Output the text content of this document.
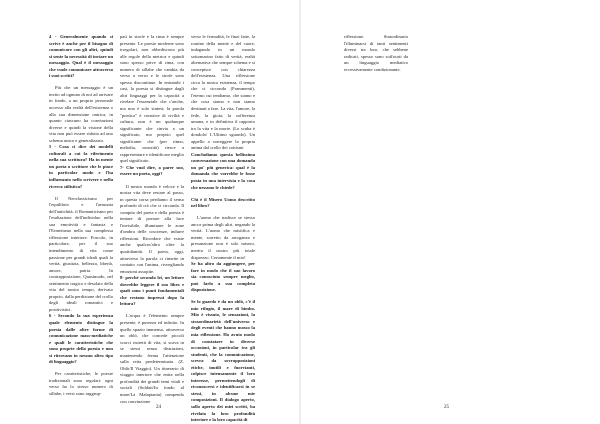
4 - Generalmente quando si scrive è anche per il bisogno di comunicare con gli altri, quindi si sente la necessità di inviare un messaggio. Qual è il messaggio che vuole comunicare attraverso i suoi scritti?

Più che un messaggio è un invito ad ognuno di noi ad arrivare in fondo, a un proprio personale accesso alla realtà dell'esistenza o alla sua dimensione onirica, in quanto ciascuno ha convinzioni diverse e quindi la visione della vita non può essere ridotta ad uno schema unico e generalizzato.

5 - Cosa ci dice dei modelli culturali a cui fa riferimento nella sua scrittura? Ha in mente un poeta o scrittore che le piace in particolar modo e l'ha influenzato nello scrivere e nella ricerca stilistica?

Il Neoclassicismo per l'equilibrio e l'armonia dell'antichità, il Romanticismo per l'esaltazione dell'individuo nella sua emotività e fantasia e l'Ermetismo nella sua complessa riflessione interiore. Foscolo, in particolare, per il suo intendimento di vita come passione per grandi ideali quali la verità, giustizia, bellezza, libertà, amore, patria. In contrapposizione, Quasimodo, nel sentimento tragico e desolato della vita del nostro tempo, derivato proprio, dalla perdizione del crollo degli ideali romantici e positivistici.

6 - Secondo la sua esperienza quale elemento distingue la poesia dalle altre forme di comunicazione mass-mediatiche e quali le caratteristiche che sono proprie della poesia e non si ritrovano in nessun altro tipo di linguaggio?

Per caratteristiche, le poesie tradizionali sono regolari: ogni verso ha lo stesso numero di sillabe, i versi sono raggrup-

pati in strofe e la rima è sempre presente. Le poesie moderne sono irregolari, non obbediscono più alle regole della metrica e quindi sono spesso prive di rima, con numero di sillabe che cambia da verso a verso e le strofe sono spesso discontinue. In entrambi i casi, la poesia si distingue dagli altri linguaggi per la capacità a rivelare l'essenziale che c'anche, ma non è solo sintesi; la parola "poetica" è creatrice di civiltà e cultura, non è un qualunque significante che rinvia a un significato, ma proprio quel significante che (per ritmo, melodia, sonorità) riesce a rappresentare e identificare meglio quel significato.

7- Che vuol dire, a parer suo, essere un poeta, oggi?

Il nostro mondo è veloce e la nostra vita deve restare al passo, in questa corsa perdiamo il senso profondo di ciò che ci circonda. Il compito del poeta e della poesia è tentare di portare alla luce l'invisibile, illuminare le zone d'ombra delle coscienze, indurre riflessioni. Ricordare che esiste anche qualcos'altro oltre la quotidianità. Il poeta, oggi, attraverso la parola ci rimette in contatto con l'anima, risvegliando emozioni assopite.

8- perché secondo lei, un lettore dovrebbe leggere il suo libro e quali sono i punti fondamentali che restano impressi dopo la lettura?

L'acqua è l'elemento sempre presente, è purezza ed infinito. In quello spazio immenso, attraverso un oblò, che concede piccoli scorci ristretti di vita, si scava in se stessi senza distrazioni, mantenendo ferma l'attenzione sulla retta predeterminata. (Z. Oblò/Il Viaggio). Un itinerario di viaggio interiore che entra nella profondità dei grandi temi vitali e sociali (Soldati/In fondo al mare/La Malapianta) rompendo con convinzione

verso le fermalità, le finzi fatte, la routine della mente e del cuore, indagando in un mondo sottomarino fatto di verità, realtà alternativa che sempre schema e si concepisce con chiarezza dell'esistenza. Una riflessione circa la nostra esistenza, il tempo che ci circonda (Frammenti), l'eterno cui tendiamo, che siamo e che cosa siamo e non siamo destinati a fare. La vita, l'amore, la fede, la gioia, la sofferenza umana, e in definitiva il rapporto tra la vita e la morte. (Lo scuba è dondolo/ L'Ultimo sguardo). Un appello a sorreggere la propria anima dal crollo dei cottismi

Concludiamo questa bellissima conversazione con una domanda un po' più generica: qual è la domanda che vorrebbe le fosse posta in una intervista e la cosa che nessuno le chiede?

Chi è il Misero Uomo descritto nel libro?

L'uomo che tradisce se stesso ancor prima degli altri, negando la verità. L'uomo che mistifica e mente, sorretto da arroganza e presunzione non è solo misero, merita il nostro più totale disprezzo. Certamente il mio!

Se ha altro da aggiungere, per fare in modo che il suo lavoro sia conosciuto sempre meglio, può farlo a sua completa disposizione.

Se lo guardo è da un oblò, c'è il mio rifugio, il mare di bimbo. Mio è vissuto, le sensazioni, la straordinarietà dell'universo e degli eventi che hanno mosso la mia riflessione. Ho avuto modo di constatare in diverse occasioni, in particolar tra gli studenti, che la comunicazione, scevra da sovrapposizioni etiche, inutili e fuorvianti, colpisce intensamente il loro interesse, permettendogli di riconoscersi e identificarsi in se stessi, in alcune mie composizioni. Il dialogo aperto, sollo aperto dei miei scritti, ha rivelato la loro profondità interiore e la loro capacità di

24

riflessione. Straordinario l'illuminarsi di tanti sentimenti diversi tra loro, che sebbene radicati, spesso sono soffocati da un linguaggio mediatico eccessivamente condizionante.

25
